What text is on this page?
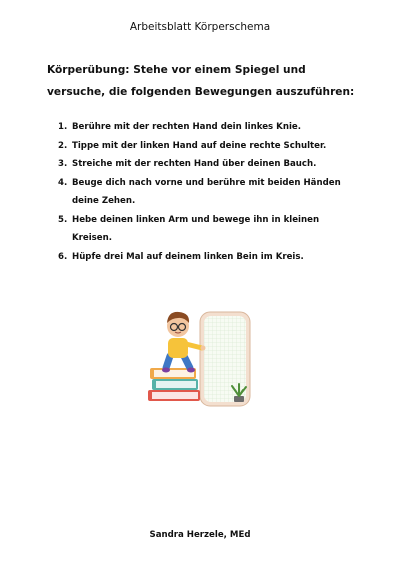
Arbeitsblatt Körperschema
Körperübung: Stehe vor einem Spiegel und versuche, die folgenden Bewegungen auszuführen:
1. Berühre mit der rechten Hand dein linkes Knie.
2. Tippe mit der linken Hand auf deine rechte Schulter.
3. Streiche mit der rechten Hand über deinen Bauch.
4. Beuge dich nach vorne und berühre mit beiden Händen deine Zehen.
5. Hebe deinen linken Arm und bewege ihn in kleinen Kreisen.
6. Hüpfe drei Mal auf deinem linken Bein im Kreis.
Sandra Herzele, MEd
